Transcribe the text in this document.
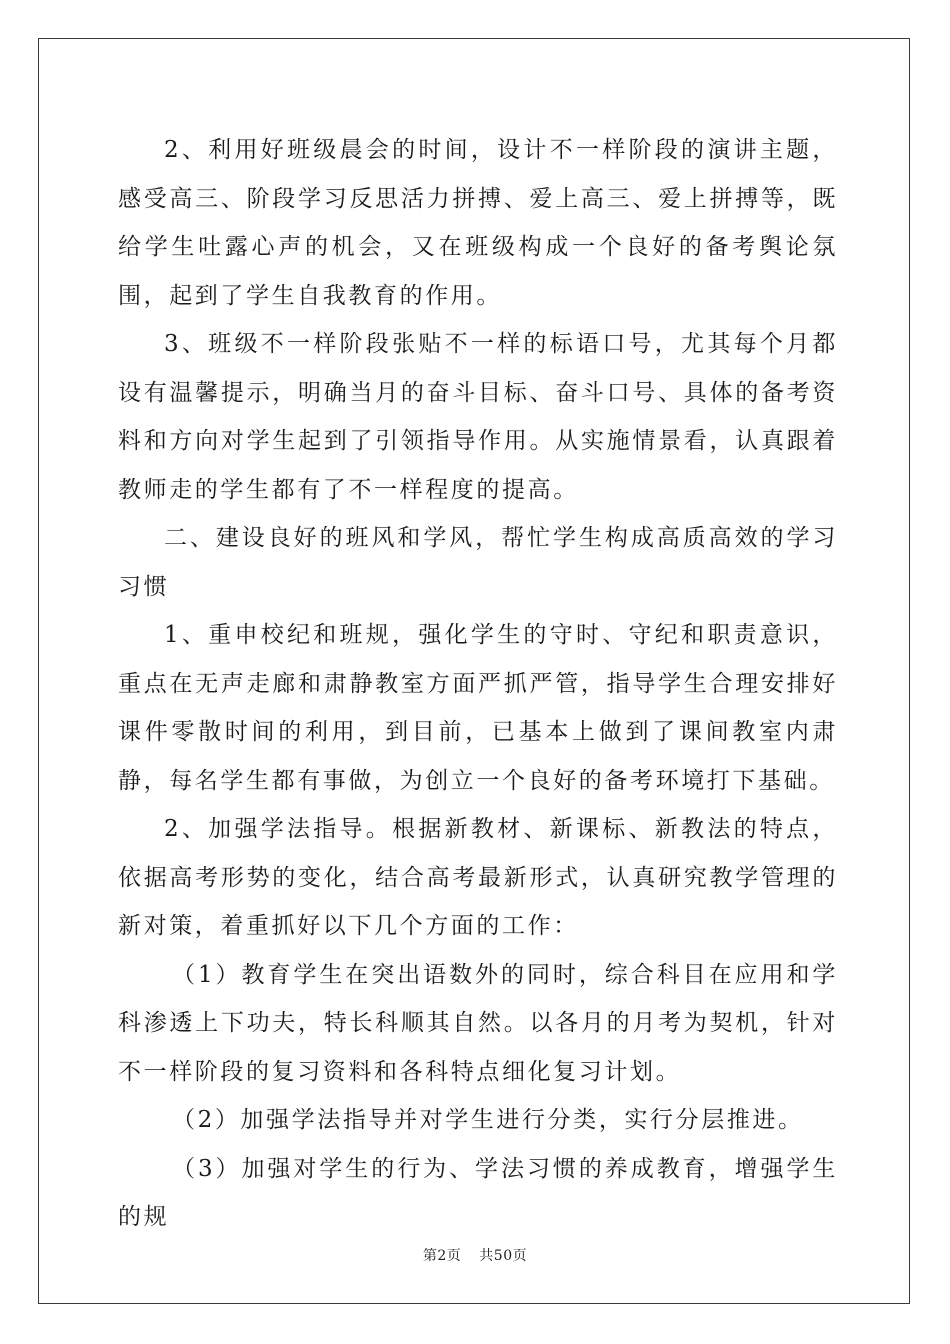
2、利用好班级晨会的时间，设计不一样阶段的演讲主题，感受高三、阶段学习反思活力拼搏、爱上高三、爱上拼搏等，既给学生吐露心声的机会，又在班级构成一个良好的备考舆论氛围，起到了学生自我教育的作用。

3、班级不一样阶段张贴不一样的标语口号，尤其每个月都设有温馨提示，明确当月的奋斗目标、奋斗口号、具体的备考资料和方向对学生起到了引领指导作用。从实施情景看，认真跟着教师走的学生都有了不一样程度的提高。

二、建设良好的班风和学风，帮忙学生构成高质高效的学习习惯

1、重申校纪和班规，强化学生的守时、守纪和职责意识，重点在无声走廊和肃静教室方面严抓严管，指导学生合理安排好课件零散时间的利用，到目前，已基本上做到了课间教室内肃静，每名学生都有事做，为创立一个良好的备考环境打下基础。

2、加强学法指导。根据新教材、新课标、新教法的特点，依据高考形势的变化，结合高考最新形式，认真研究教学管理的新对策，着重抓好以下几个方面的工作：

（1）教育学生在突出语数外的同时，综合科目在应用和学科渗透上下功夫，特长科顺其自然。以各月的月考为契机，针对不一样阶段的复习资料和各科特点细化复习计划。

（2）加强学法指导并对学生进行分类，实行分层推进。

（3）加强对学生的行为、学法习惯的养成教育，增强学生的规

第2页 共50页
